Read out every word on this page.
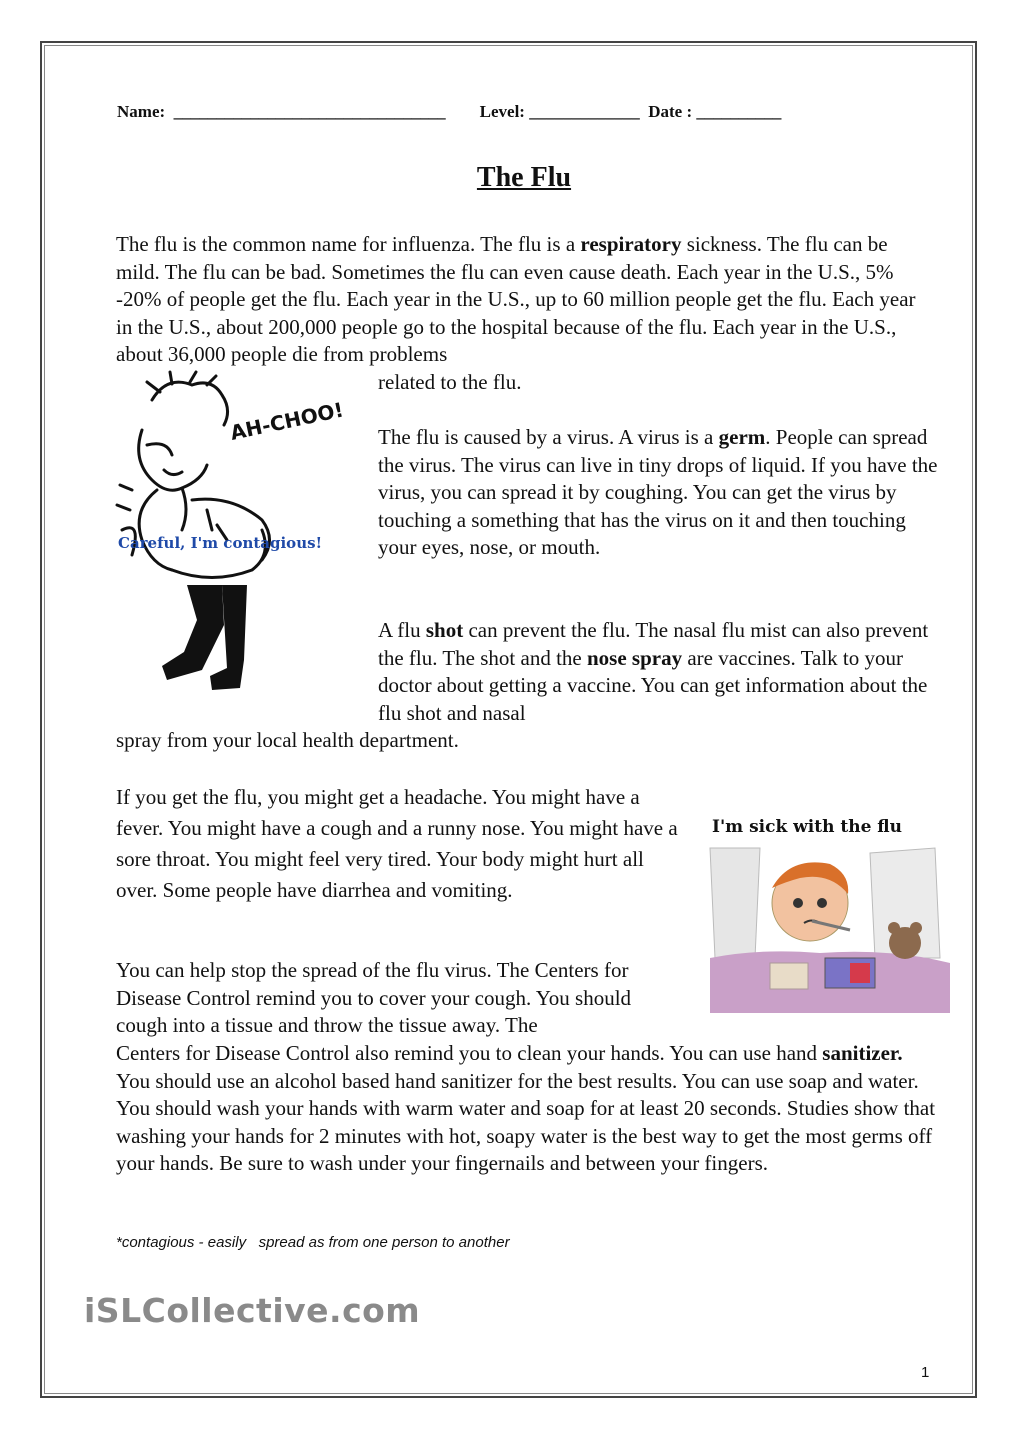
Name:  ________________________________ Level: _____________ Date : __________
The Flu

The flu is the common name for influenza. The flu is a respiratory sickness. The flu can be mild. The flu can be bad. Sometimes the flu can even cause death. Each year in the U.S., 5% -20% of people get the flu. Each year in the U.S., up to 60 million people get the flu. Each year in the U.S., about 200,000 people go to the hospital because of the flu. Each year in the U.S., about 36,000 people die from problems

related to the flu.

The flu is caused by a virus. A virus is a germ. People can spread the virus. The virus can live in tiny drops of liquid. If you have the virus, you can spread it by coughing. You can get the virus by touching a something that has the virus on it and then touching your eyes, nose, or mouth.

A flu shot can prevent the flu. The nasal flu mist can also prevent the flu. The shot and the nose spray are vaccines. Talk to your doctor about getting a vaccine. You can get information about the flu shot and nasal

spray from your local health department.

If you get the flu, you might get a headache. You might have a fever. You might have a cough and a runny nose. You might have a sore throat. You might feel very tired. Your body might hurt all over. Some people have diarrhea and vomiting.

You can help stop the spread of the flu virus. The Centers for Disease Control remind you to cover your cough. You should cough into a tissue and throw the tissue away. The

Centers for Disease Control also remind you to clean your hands. You can use hand sanitizer. You should use an alcohol based hand sanitizer for the best results. You can use soap and water. You should wash your hands with warm water and soap for at least 20 seconds. Studies show that washing your hands for 2 minutes with hot, soapy water is the best way to get the most germs off your hands. Be sure to wash under your fingernails and between your fingers.

AH-CHOO!
Careful, I'm contagious!
I'm sick with the flu
*contagious - easily   spread as from one person to another
iSLCollective.com
1
